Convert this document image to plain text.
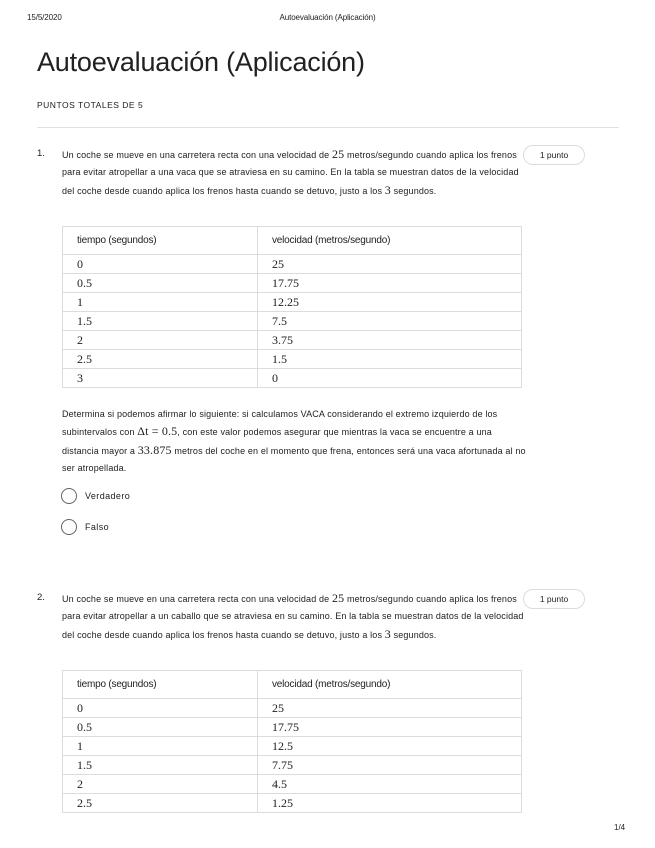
15/5/2020	Autoevaluación (Aplicación)
Autoevaluación (Aplicación)
PUNTOS TOTALES DE 5
1. Un coche se mueve en una carretera recta con una velocidad de 25 metros/segundo cuando aplica los frenos para evitar atropellar a una vaca que se atraviesa en su camino. En la tabla se muestran datos de la velocidad del coche desde cuando aplica los frenos hasta cuando se detuvo, justo a los 3 segundos.
1 punto
tiempo (segundos)	velocidad (metros/segundo)
0	25
0.5	17.75
1	12.25
1.5	7.5
2	3.75
2.5	1.5
3	0
Determina si podemos afirmar lo siguiente: si calculamos VACA considerando el extremo izquierdo de los subintervalos con Δt = 0.5, con este valor podemos asegurar que mientras la vaca se encuentre a una distancia mayor a 33.875 metros del coche en el momento que frena, entonces será una vaca afortunada al no ser atropellada.
Verdadero
Falso
2. Un coche se mueve en una carretera recta con una velocidad de 25 metros/segundo cuando aplica los frenos para evitar atropellar a un caballo que se atraviesa en su camino. En la tabla se muestran datos de la velocidad del coche desde cuando aplica los frenos hasta cuando se detuvo, justo a los 3 segundos.
1 punto
tiempo (segundos)	velocidad (metros/segundo)
0	25
0.5	17.75
1	12.5
1.5	7.75
2	4.5
2.5	1.25
1/4
